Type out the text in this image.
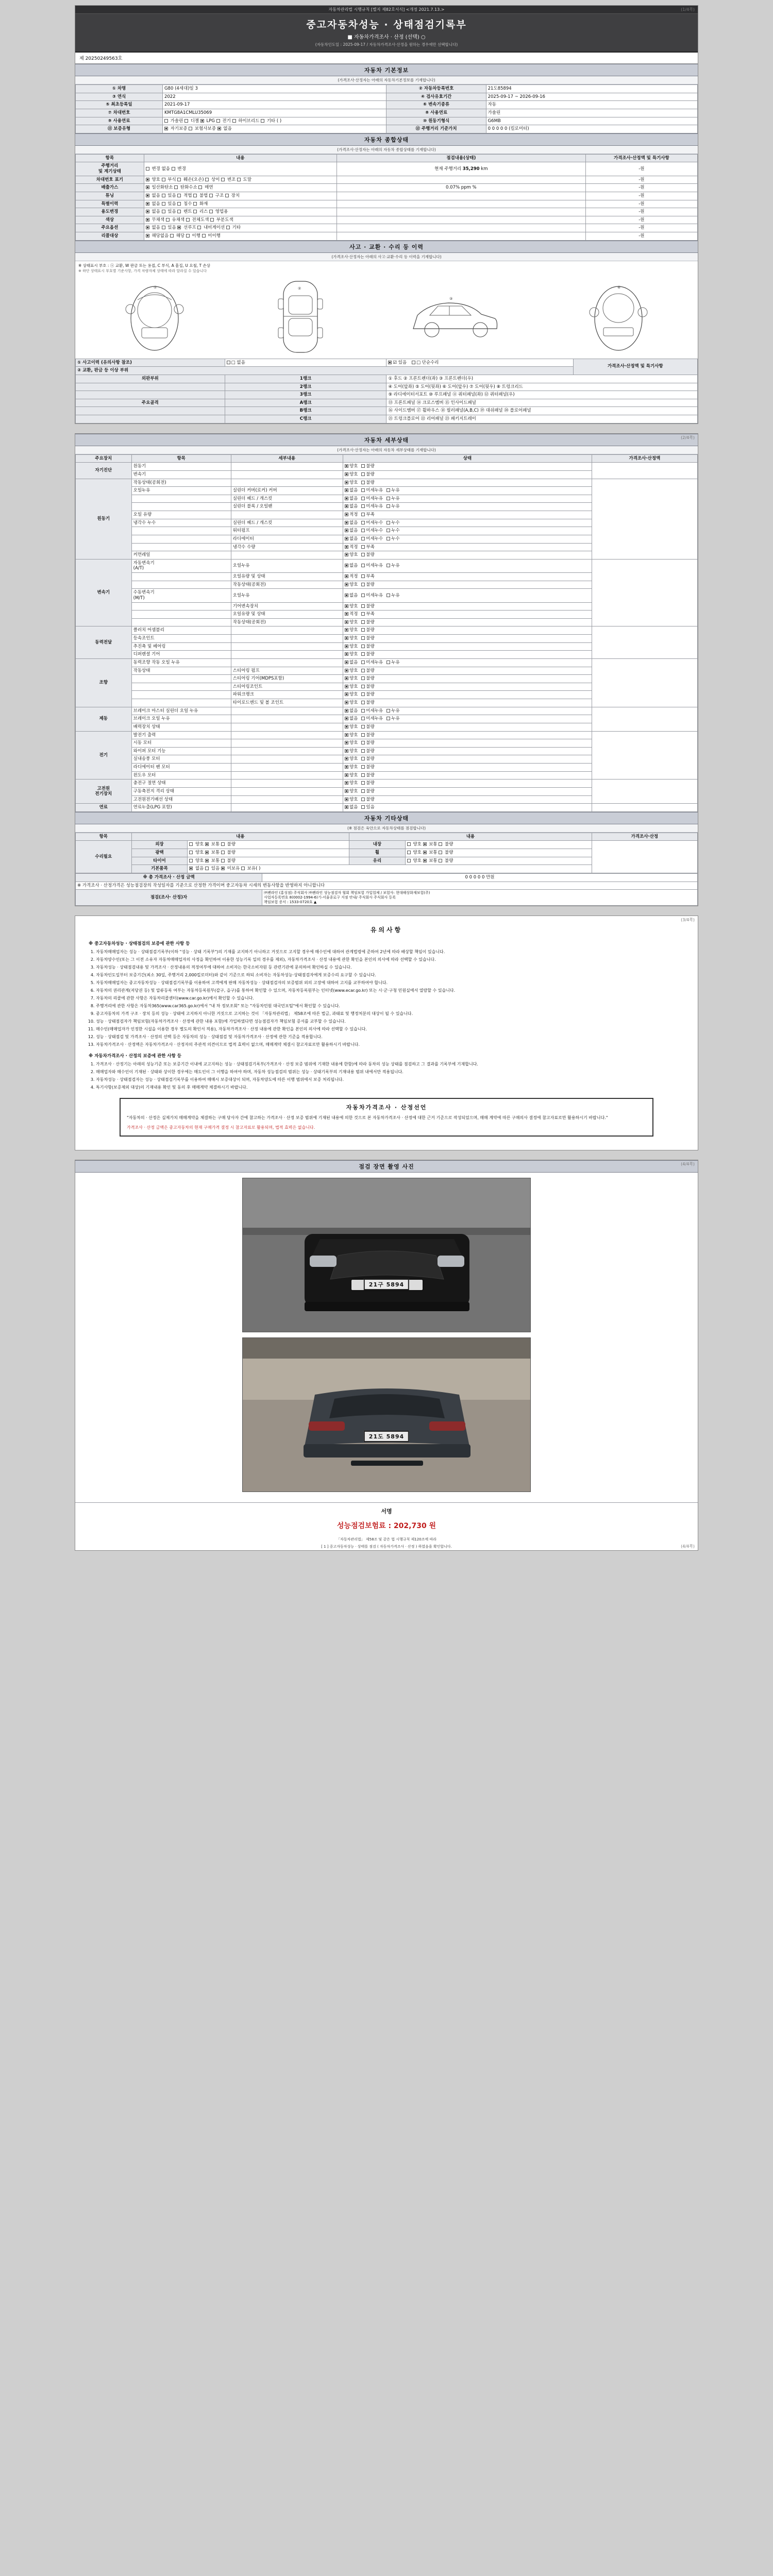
(1/4쪽)
자동차관리법 시행규칙 [별지 제82호서식] <개정 2021.7.13.>
중고자동차성능 · 상태점검기록부
■ 자동차가격조사 · 산정 (선택) ○
(자동차인도일 : 2025-09-17 / 자동차가격조사·산정을 원하는 경우에만 선택합니다)
제 20250249563호
자동차 기본정보
(가격조사·산정자는 아래의 자동차기본정보를 기재합니다)
① 차명	G80 (4세대)일 3	② 자동차등록번호	21도85894
③ 연식	2022	④ 검사유효기간	2025-09-17 ~ 2026-09-16
⑤ 최초등록일	2021-09-17	⑥ 변속기종류	자동
⑦ 차대번호	KMTG8A1CMLU35069	⑧ 사용연료	가솔린
⑨ 사용연료	가솔린  디젤  LPG  전기  하이브리드  기타 ( )	⑩ 원동기형식	G6MB
⑪ 보증유형	자기보증  보험사보증  없음	⑫ 주행거리 기준가치	0 0 0 0 0 (킬로미터)
자동차 종합상태
(가격조사·산정자는 아래의 자동차 종합상태를 기재합니다)
항목	내용	점검내용(상태)	가격조사·산정액 및 특기사항
주행거리
및 계기상태	변경 없음  변경	현재 주행거리 35,290 km	-원
차대번호 표기	양호  부식  훼손(오손)  상이  변조  도말		-원
배출가스	일산화탄소  탄화수소  매연	0.07% ppm %	-원
튜닝	없음  있음  적법  불법  구조  장치		-원
특별이력	없음  있음  침수  화재		-원
용도변경	없음  있음  렌트  리스  영업용		-원
색상	무채색  유채색  전체도색  부분도색		-원
주요옵션	없음  있음  선루프  내비게이션  기타		-원
리콜대상	해당없음  해당  이행  미이행		-원
사고 · 교환 · 수리 등 이력
(가격조사·산정자는 아래의 사고·교환·수리 등 이력을 기재합니다)
※ 상태표시 부호 : ⓧ 교환, W 판금 또는 용접, C 부식, A 흠집, U 요철, T 손상
※ 하단 상태표시 부호별 기준사항, 가격 차량자체 상태에 따라 달라질 수 있습니다
①	②
③
④
① 사고이력 (유의사항 참조)	□ 없음	☑ 있음 □ 단순수리	가격조사·산정액 및 특기사항
② 교환, 판금 등 이상 부위			
외판부위	1랭크	① 후드 ② 프론트펜더(좌) ③ 프론트펜더(우)	
	2랭크	④ 도어(앞좌) ⑤ 도어(뒷좌) ⑥ 도어(앞우) ⑦ 도어(뒷우) ⑧ 트렁크리드	
	3랭크	⑨ 라디에이터서포트 ⑩ 루프패널 ⑪ 쿼터패널(좌) ⑫ 쿼터패널(우)	
주요골격	A랭크	⑬ 프론트패널 ⑭ 크로스멤버 ⑮ 인사이드패널	
	B랭크	⑯ 사이드멤버 ⑰ 휠하우스 ⑱ 필러패널(A,B,C) ⑲ 대쉬패널 ⑳ 플로어패널	
	C랭크	㉑ 트렁크플로어 ㉒ 리어패널 ㉓ 패키지트레이	
(2/4쪽)
자동차 세부상태
(가격조사·산정자는 아래의 자동차 세부상태를 기재합니다)
주요장치	항목	세부내용	상태	가격조사·산정액
자기진단	원동기		양호 불량	
	변속기		양호 불량	
원동기	작동상태(공회전)		양호 불량	
	오일누유	실린더 커버(로커) 커버	없음 미세누유 누유	
		실린더 헤드 / 개스킷	없음 미세누유 누유	
		실린더 블록 / 오일팬	없음 미세누유 누유	
	오일 유량		적정 부족	
	냉각수 누수	실린더 헤드 / 개스킷	없음 미세누수 누수	
		워터펌프	없음 미세누수 누수	
		라디에이터	없음 미세누수 누수	
		냉각수 수량	적정 부족	
	커먼레일		양호 불량	
변속기	자동변속기
(A/T)	오일누유	없음 미세누유 누유	
		오일유량 및 상태	적정 부족	
		작동상태(공회전)	양호 불량	
	수동변속기
(M/T)	오일누유	없음 미세누유 누유	
		기어변속장치	양호 불량	
		오일유량 및 상태	적정 부족	
		작동상태(공회전)	양호 불량	
동력전달	클러치 어셈블리		양호 불량	
	등속조인트		양호 불량	
	추진축 및 베어링		양호 불량	
	디퍼렌셜 기어		양호 불량	
조향	동력조향 작동 오일 누유		없음 미세누유 누유	
	작동상태	스티어링 펌프	양호 불량	
		스티어링 기어(MDPS포함)	양호 불량	
		스티어링조인트	양호 불량	
		파워크랭크	양호 불량	
		타이로드엔드 및 볼 조인트	양호 불량	
제동	브레이크 마스터 실린더 오일 누유		없음 미세누유 누유	
	브레이크 오일 누유		없음 미세누유 누유	
	배력장치 상태		양호 불량	
전기	발전기 출력		양호 불량	
	시동 모터		양호 불량	
	와이퍼 모터 기능		양호 불량	
	실내송풍 모터		양호 불량	
	라디에이터 팬 모터		양호 불량	
	윈도우 모터		양호 불량	
고전원
전기장치	충전구 절연 상태		양호 불량	
	구동축전지 격리 상태		양호 불량	
	고전원전기배선 상태		양호 불량	
연료	연료누출(LPG 포함)		없음 있음	
자동차 기타상태
(※ 점검은 육안으로 자동차상태를 점검합니다)
항목	내용		내용		가격조사·산정
수리필요	외장	양호  보통  불량	내장	양호  보통  불량	
	광택	양호  보통  불량	휠	양호  보통  불량	
	타이어	양호  보통  불량	유리	양호  보통  불량	
	기본품목	없음  있음  미보유  보유( )			
※ 총 가격조사 · 산정 금액	0 0 0 0 0 만원
※ 가격조사 · 산정가격은 성능점검장의 작성일자를 기준으로 산정한 가격이며 중고자동차 시세의 변동사항을 반영하지 아니합니다	
점검(조사· 산정)자	㈜쎈라인 (홍성점) 주식회사 ㈜쎈라인 성능점검자 협회 책임보험 가입업체 / 보험사: 현대해상화재보험(주)
사업자등록번호 8(0002-1994-6)기-서울종로구 지점 안내/ 주식회사 주식회사 등록
책임보험 증서 : 1533-0720호 ▲
(3/4쪽)
유의사항
※ 중고자동차성능 · 상태점검의 보증에 관한 사항 등
1. 자동차매매업자는 성능 · 상태점검기록부(이하 "성능 · 상태 기록부")의 기재를 교지하기 아니하고 거짓으로 고지할 경우에 매수인에 대하여 관계법령에 준하여 2년에 따라 배상할 책임이 있습니다.
2. 자동차양수인(또는 그 이전 소유자 자동차매매업자의 사정을 확인하여 이용한 성능기록 일의 경우를 제외), 자동차가격조사 · 산정 내용에 관한 확인을 본인의 의사에 따라 선택할 수 있습니다.
3. 자동차성능 · 상태점검내용 및 가격조사 · 산정내용의 적정여부에 대하여 소비자는 한국소비자원 등 관련기관에 문의하여 확인하실 수 있습니다.
4. 자동차인도일부터 보증기간(최소 30일, 주행거리 2,000킬로미터)와 같이 기준으로 하되 소비자는 자동차성능·상태점검자에게 보증수리 요구할 수 있습니다.
5. 자동차매매업자는 중고자동차성능 · 상태점검기록부를 이용하여 고객에게 판매 자동차성능 · 상태점검자의 보증범위 외의 고장에 대하여 고지를 교부하여야 합니다.
6. 자동차의 권리관계(저당권 등) 및 압류등록 여부는 자동차등록원부(갑구, 을구)를 통하여 확인할 수 있으며, 자동차등록원부는 인터넷(www.ecar.go.kr) 또는 시·군·구청 민원실에서 열람할 수 있습니다.
7. 자동차의 리콜에 관한 사항은 자동차리콜센터(www.car.go.kr)에서 확인할 수 있습니다.
8. 주행거리에 관한 사항은 자동차365(www.car365.go.kr)에서 "내 차 정보조회" 또는 "자동차민원 대국민포털"에서 확인할 수 있습니다.
9. 중고자동차의 가격 구조 · 장치 등의 성능 · 상태에 고지하지 아니한 거짓으로 고지하는 것이 「자동차관리법」 제58조에 따른 벌금, 과태료 및 행정처분의 대상이 될 수 있습니다.
10. 성능 · 상태점검자가 책임보험(자동차가격조사 · 산정에 관한 내용 포함)에 가입하였다면 성능점검자가 책임보험 증서를 교부할 수 있습니다.
11. 매수인(매매업자가 인정한 시설을 이용한 경우 별도의 확인서 적용), 자동차가격조사 · 산정 내용에 관한 확인을 본인의 의사에 따라 선택할 수 있습니다.
12. 성능 · 상태점검 및 가격조사 · 산정의 선택 등은 자동차의 성능 · 상태점검 및 자동차가격조사 · 산정에 관한 기준을 적용합니다.
13. 자동차가격조사 · 산정액은 자동차가격조사 · 산정자의 주관적 의견이므로 법적 효력이 없으며, 매매계약 체결시 참고자료로만 활용하시기 바랍니다.
※ 자동차가격조사 · 산정의 보증에 관한 사항 등
1. 가격조사 · 산정기는 아래의 성능기준 또는 보증기간 이내에 교고지하는 성능 · 상태점검기록부(가격조사 · 산정 보증 범위에 기재한 내용에 한함)에 따라 동차의 성능 상태를 점검하고 그 결과를 기록부에 기재합니다.
2. 매매업자와 매수인이 기재된 · 상태와 상이한 경우에는 매도인이 그 이행을 하여야 하며, 자동차 성능점검의 범위는 성능 · 상태기록부의 기재내용 범위 내에서만 적용됩니다.
3. 자동차성능 · 상태점검자는 성능 · 상태점검기록부를 이용하여 매매시 보증대상이 되며, 자동차양도에 따른 이행 범위에서 보증 처리됩니다.
4. 특기사항(보증제외 대상)의 기재내용 확인 및 동의 후 매매계약 체결하시기 바랍니다.
자동차가격조사 · 산정선언
"자동차의 · 산정은 실제가치 매매계약을 체결하는 구매 당사자 간에 참고하는 가격조사 · 산정 보증 범위에 기재된 내용에 의한 것으로 본 자동차가격조사 · 산정에 대한 근거 기준으로 작성되었으며, 매매 계약에 따른 구매의사 결정에 참고자료로만 활용하시기 바랍니다."
가격조사 · 산정 금액은 중고자동차의 현재 구매가격 결정 시 참고자료로 활용되며, 법적 효력은 없습니다.
(4/4쪽)
점검 장면 촬영 사진
21구 5894
21도 5894
서명
성능점검보험료 : 202,730 원
「자동차관리법」 제58조 및 같은 법 시행규칙 제120조에 따라
[ 1 ] 중고자동차성능 · 상태를 점검 ( 자동차가격조사 · 산정 ) 하였음을 확인합니다.	(4/4쪽)
